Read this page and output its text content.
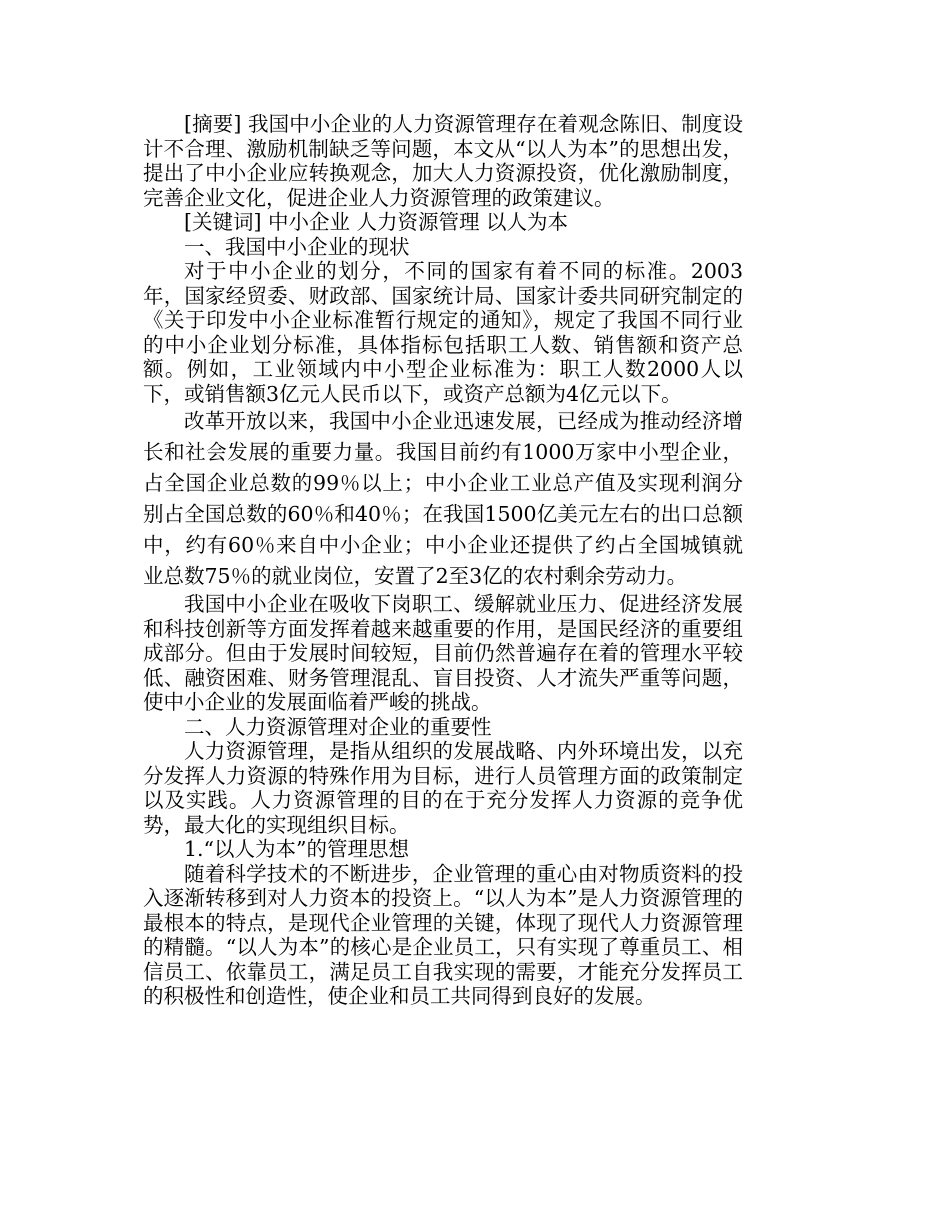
[摘要] 我国中小企业的人力资源管理存在着观念陈旧、制度设计不合理、激励机制缺乏等问题，本文从“以人为本”的思想出发，提出了中小企业应转换观念，加大人力资源投资，优化激励制度，完善企业文化，促进企业人力资源管理的政策建议。

[关键词] 中小企业 人力资源管理 以人为本

一、我国中小企业的现状

对于中小企业的划分，不同的国家有着不同的标准。2003年，国家经贸委、财政部、国家统计局、国家计委共同研究制定的《关于印发中小企业标准暂行规定的通知》，规定了我国不同行业的中小企业划分标准，具体指标包括职工人数、销售额和资产总额。例如，工业领域内中小型企业标准为：职工人数2000人以下，或销售额3亿元人民币以下，或资产总额为4亿元以下。

改革开放以来，我国中小企业迅速发展，已经成为推动经济增长和社会发展的重要力量。我国目前约有1000万家中小型企业，占全国企业总数的99％以上；中小企业工业总产值及实现利润分别占全国总数的60％和40％；在我国1500亿美元左右的出口总额中，约有60％来自中小企业；中小企业还提供了约占全国城镇就业总数75％的就业岗位，安置了2至3亿的农村剩余劳动力。

我国中小企业在吸收下岗职工、缓解就业压力、促进经济发展和科技创新等方面发挥着越来越重要的作用，是国民经济的重要组成部分。但由于发展时间较短，目前仍然普遍存在着的管理水平较低、融资困难、财务管理混乱、盲目投资、人才流失严重等问题，使中小企业的发展面临着严峻的挑战。

二、人力资源管理对企业的重要性

人力资源管理，是指从组织的发展战略、内外环境出发，以充分发挥人力资源的特殊作用为目标，进行人员管理方面的政策制定以及实践。人力资源管理的目的在于充分发挥人力资源的竞争优势，最大化的实现组织目标。

1.“以人为本”的管理思想

随着科学技术的不断进步，企业管理的重心由对物质资料的投入逐渐转移到对人力资本的投资上。“以人为本”是人力资源管理的最根本的特点，是现代企业管理的关键，体现了现代人力资源管理的精髓。“以人为本”的核心是企业员工，只有实现了尊重员工、相信员工、依靠员工，满足员工自我实现的需要，才能充分发挥员工的积极性和创造性，使企业和员工共同得到良好的发展。
